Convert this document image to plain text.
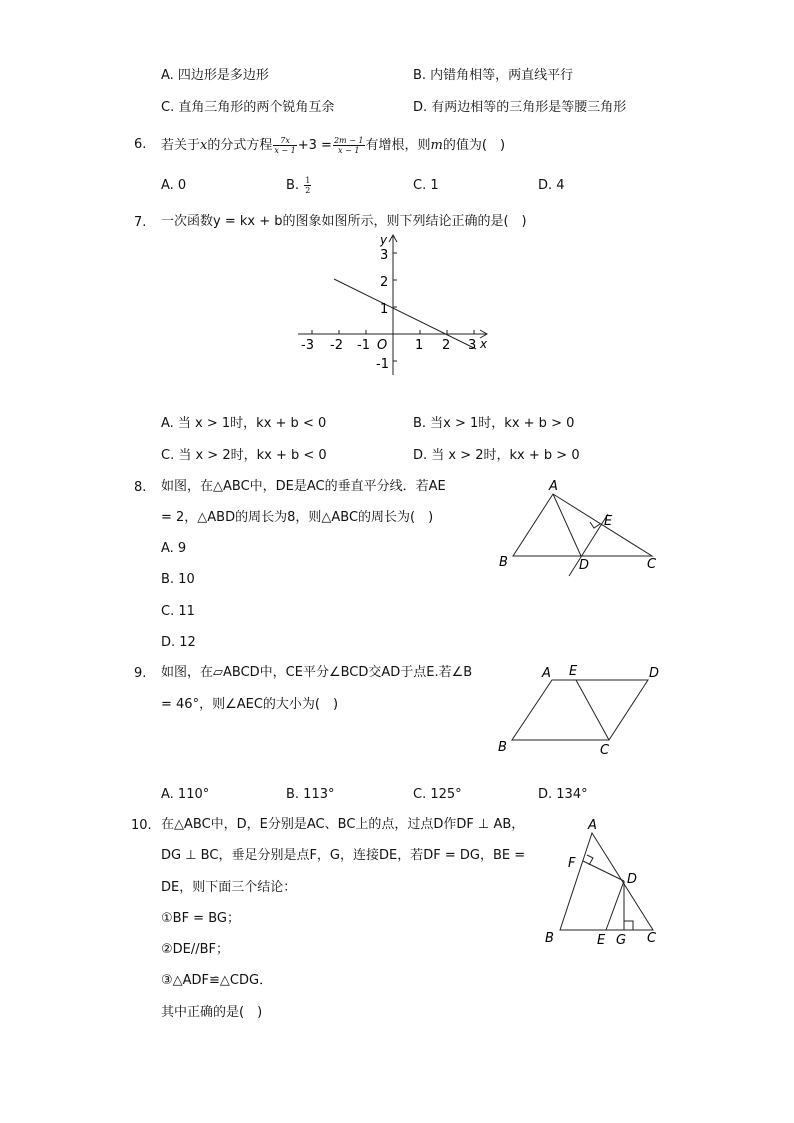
A. 四边形是多边形	B. 内错角相等，两直线平行
C. 直角三角形的两个锐角互余	D. 有两边相等的三角形是等腰三角形
6. 若关于x的分式方程 $\frac{7x}{x - 1} +3 = \frac{2m - 1}{x - 1}$ 有增根，则m的值为(　)
A. 0	B. $\frac{1}{2}$	C. 1	D. 4
7. 一次函数y = kx + b的图象如图所示，则下列结论正确的是(　)
-3 -2 -1 O 1 2 3 x
y
3
2
1
-1
A. 当 x > 1时，kx + b < 0	B. 当x > 1时，kx + b > 0
C. 当 x > 2时，kx + b < 0	D. 当 x > 2时，kx + b > 0
8. 如图，在△ABC中，DE是AC的垂直平分线．若AE
= 2，△ABD的周长为8，则△ABC的周长为(　)
A. 9
B. 10
C. 11
D. 12
A
B	C
D
E
9. 如图，在▱ABCD中，CE平分∠BCD交AD于点E.若∠B
= 46°，则∠AEC的大小为(　)
A E	D
B	C
A. 110°	B. 113°	C. 125°	D. 134°
10. 在△ABC中，D，E分别是AC、BC上的点，过点D作DF ⊥ AB，
DG ⊥ BC，垂足分别是点F，G，连接DE，若DF = DG，BE =
DE，则下面三个结论：
①BF = BG；
②DE//BF；
③△ADF≌△CDG．
其中正确的是(　)
A
F
D
B	E G C
